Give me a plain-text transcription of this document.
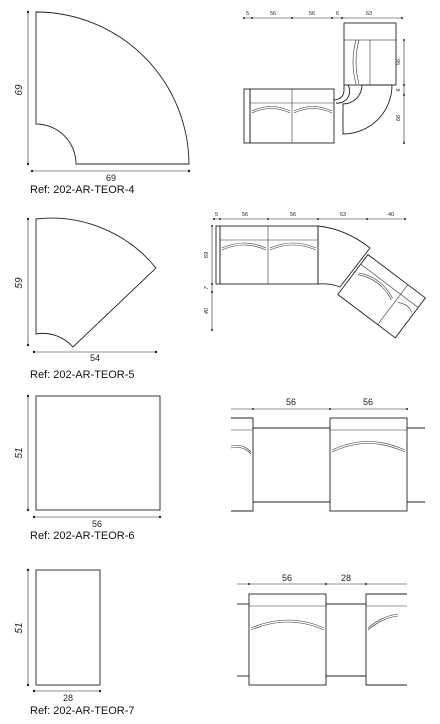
69
69
Ref: 202-AR-TEOR-4
5	56	56	6	63
56
6
66
59
54
Ref: 202-AR-TEOR-5
5	56	56	63	40
69
7
40
51
56
Ref: 202-AR-TEOR-6
56	56
51
28
Ref: 202-AR-TEOR-7
56	28
